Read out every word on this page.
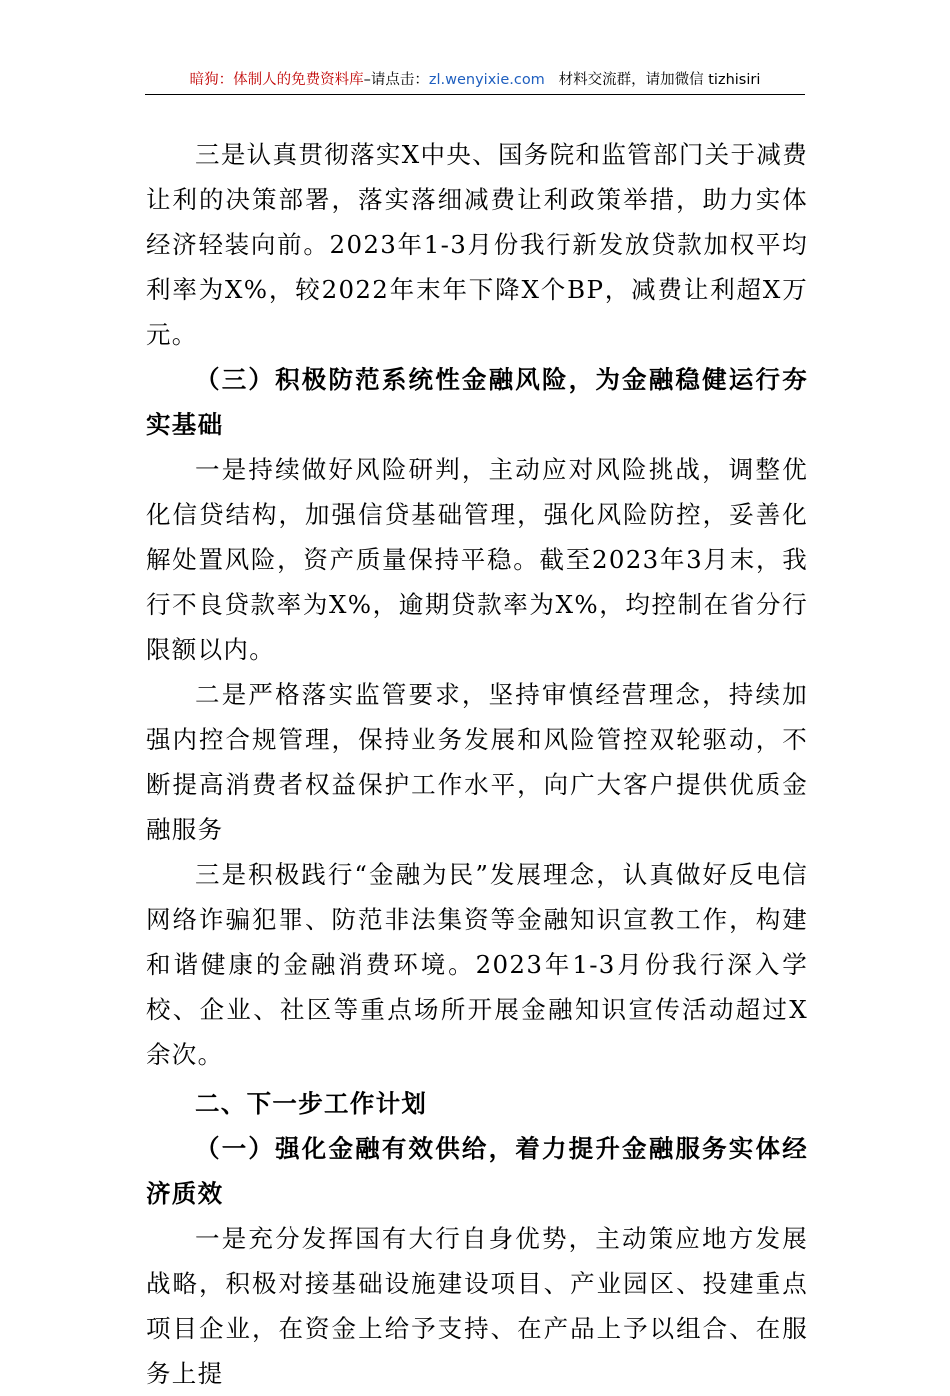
暗狗：体制人的免费资料库–请点击：zl.wenyixie.com 材料交流群，请加微信 tizhisiri

三是认真贯彻落实X中央、国务院和监管部门关于减费让利的决策部署，落实落细减费让利政策举措，助力实体经济轻装向前。2023年1-3月份我行新发放贷款加权平均利率为X%，较2022年末年下降X个BP，减费让利超X万元。

（三）积极防范系统性金融风险，为金融稳健运行夯实基础

一是持续做好风险研判，主动应对风险挑战，调整优化信贷结构，加强信贷基础管理，强化风险防控，妥善化解处置风险，资产质量保持平稳。截至2023年3月末，我行不良贷款率为X%，逾期贷款率为X%，均控制在省分行限额以内。

二是严格落实监管要求，坚持审慎经营理念，持续加强内控合规管理，保持业务发展和风险管控双轮驱动，不断提高消费者权益保护工作水平，向广大客户提供优质金融服务

三是积极践行“金融为民”发展理念，认真做好反电信网络诈骗犯罪、防范非法集资等金融知识宣教工作，构建和谐健康的金融消费环境。2023年1-3月份我行深入学校、企业、社区等重点场所开展金融知识宣传活动超过X余次。

二、下一步工作计划

（一）强化金融有效供给，着力提升金融服务实体经济质效

一是充分发挥国有大行自身优势，主动策应地方发展战略，积极对接基础设施建设项目、产业园区、投建重点项目企业，在资金上给予支持、在产品上予以组合、在服务上提
